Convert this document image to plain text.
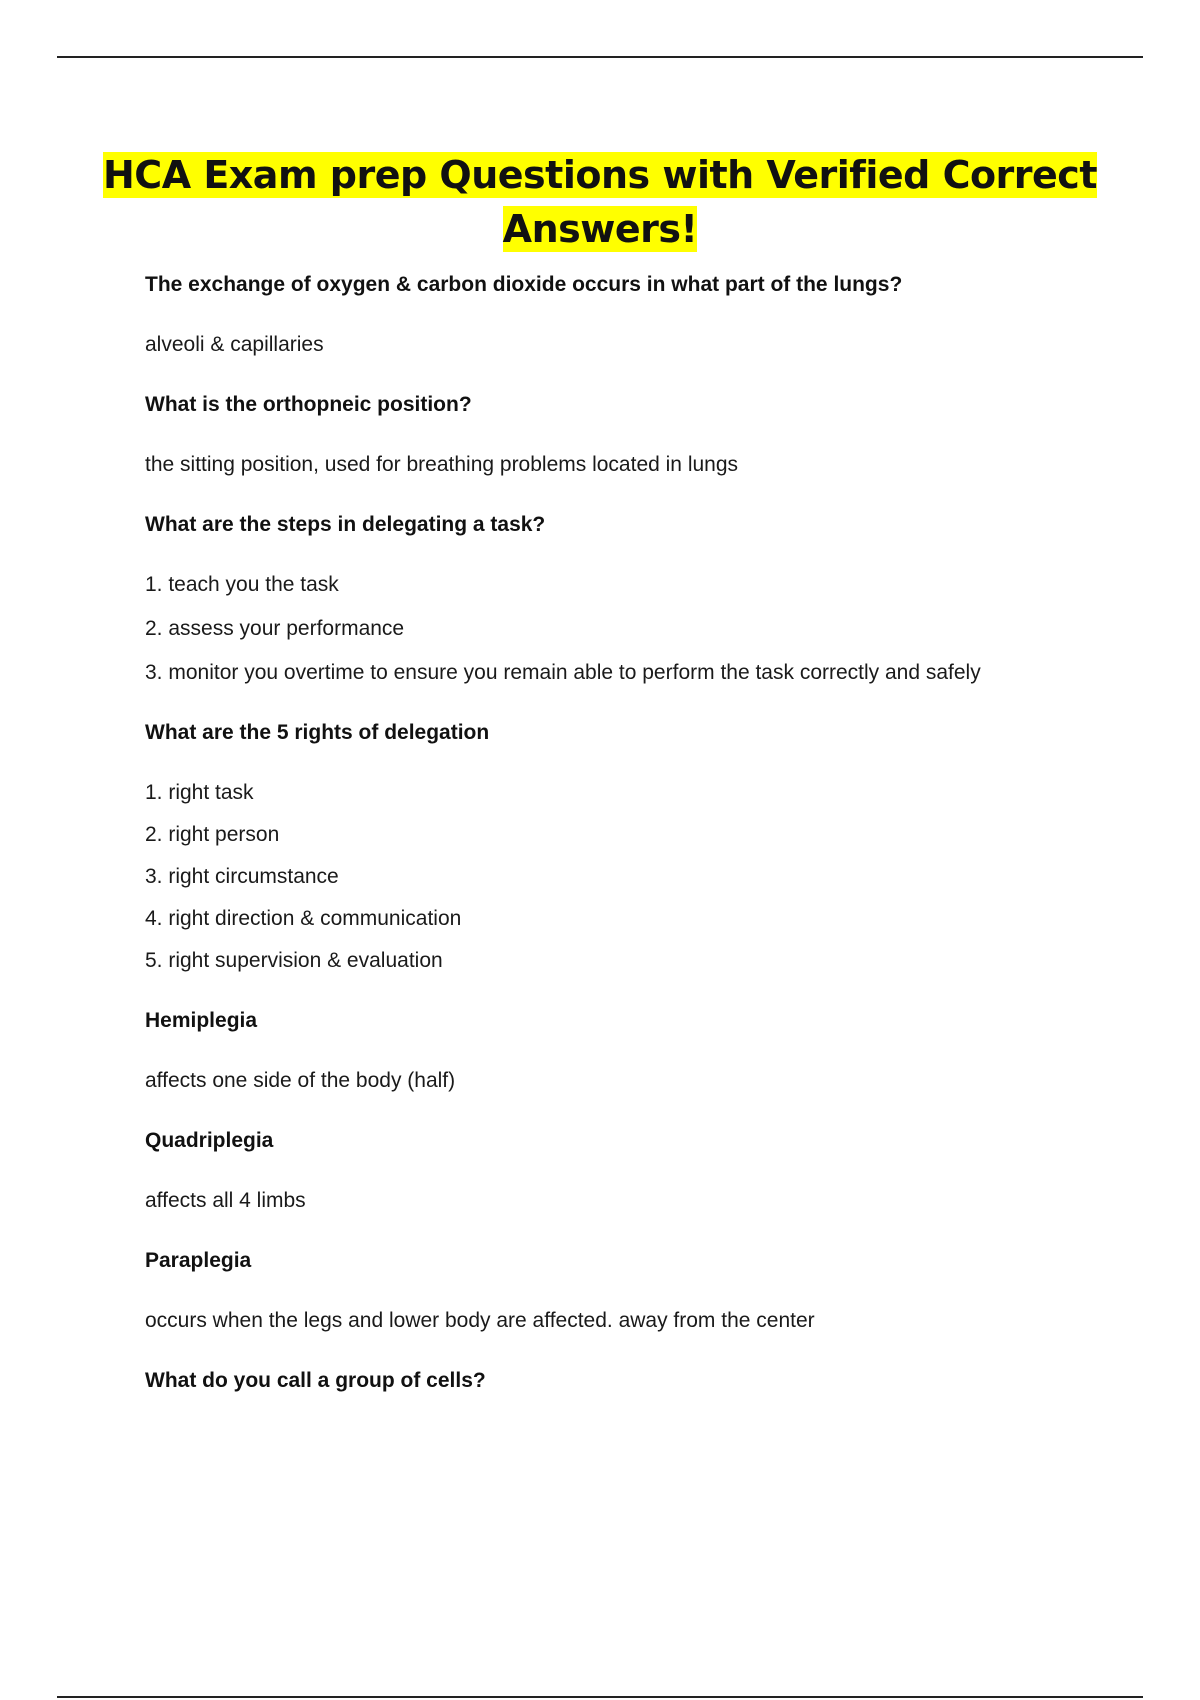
HCA Exam prep Questions with Verified Correct
Answers!

The exchange of oxygen & carbon dioxide occurs in what part of the lungs?

alveoli & capillaries

What is the orthopneic position?

the sitting position, used for breathing problems located in lungs

What are the steps in delegating a task?

1. teach you the task
2. assess your performance
3. monitor you overtime to ensure you remain able to perform the task correctly and safely

What are the 5 rights of delegation

1. right task
2. right person
3. right circumstance
4. right direction & communication
5. right supervision & evaluation

Hemiplegia

affects one side of the body (half)

Quadriplegia

affects all 4 limbs

Paraplegia

occurs when the legs and lower body are affected. away from the center

What do you call a group of cells?
